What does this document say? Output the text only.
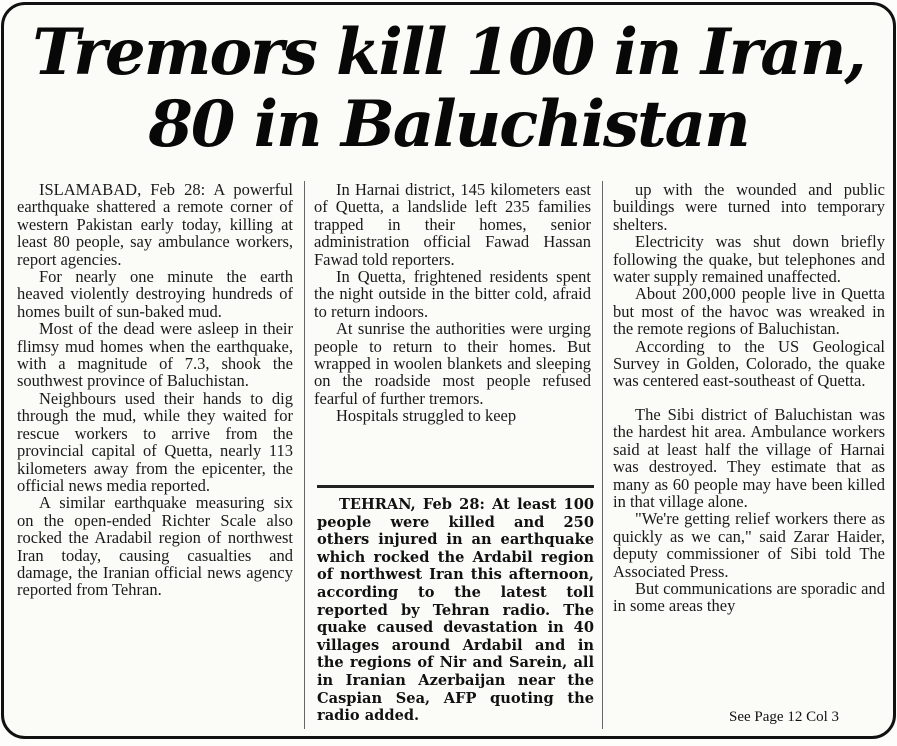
Tremors kill 100 in Iran,
80 in Baluchistan

ISLAMABAD, Feb 28: A powerful earthquake shattered a remote corner of western Pakistan early today, killing at least 80 people, say ambulance workers, report agencies.

For nearly one minute the earth heaved violently destroying hundreds of homes built of sun-baked mud.

Most of the dead were asleep in their flimsy mud homes when the earthquake, with a magnitude of 7.3, shook the southwest province of Baluchistan.

Neighbours used their hands to dig through the mud, while they waited for rescue workers to arrive from the provincial capital of Quetta, nearly 113 kilometers away from the epicenter, the official news media reported.

A similar earthquake measuring six on the open-ended Richter Scale also rocked the Aradabil region of northwest Iran today, causing casualties and damage, the Iranian official news agency reported from Tehran.

In Harnai district, 145 kilometers east of Quetta, a landslide left 235 families trapped in their homes, senior administration official Fawad Hassan Fawad told reporters.

In Quetta, frightened residents spent the night outside in the bitter cold, afraid to return indoors.

At sunrise the authorities were urging people to return to their homes. But wrapped in woolen blankets and sleeping on the roadside most people refused fearful of further tremors.

Hospitals struggled to keep

TEHRAN, Feb 28: At least 100 people were killed and 250 others injured in an earthquake which rocked the Ardabil region of northwest Iran this afternoon, according to the latest toll reported by Tehran radio. The quake caused devastation in 40 villages around Ardabil and in the regions of Nir and Sarein, all in Iranian Azerbaijan near the Caspian Sea, AFP quoting the radio added.

up with the wounded and public buildings were turned into temporary shelters.

Electricity was shut down briefly following the quake, but telephones and water supply remained unaffected.

About 200,000 people live in Quetta but most of the havoc was wreaked in the remote regions of Baluchistan.

According to the US Geological Survey in Golden, Colorado, the quake was centered east-southeast of Quetta.

The Sibi district of Baluchistan was the hardest hit area. Ambulance workers said at least half the village of Harnai was destroyed. They estimate that as many as 60 people may have been killed in that village alone.

"We're getting relief workers there as quickly as we can," said Zarar Haider, deputy commissioner of Sibi told The Associated Press.

But communications are sporadic and in some areas they

See Page 12 Col 3
